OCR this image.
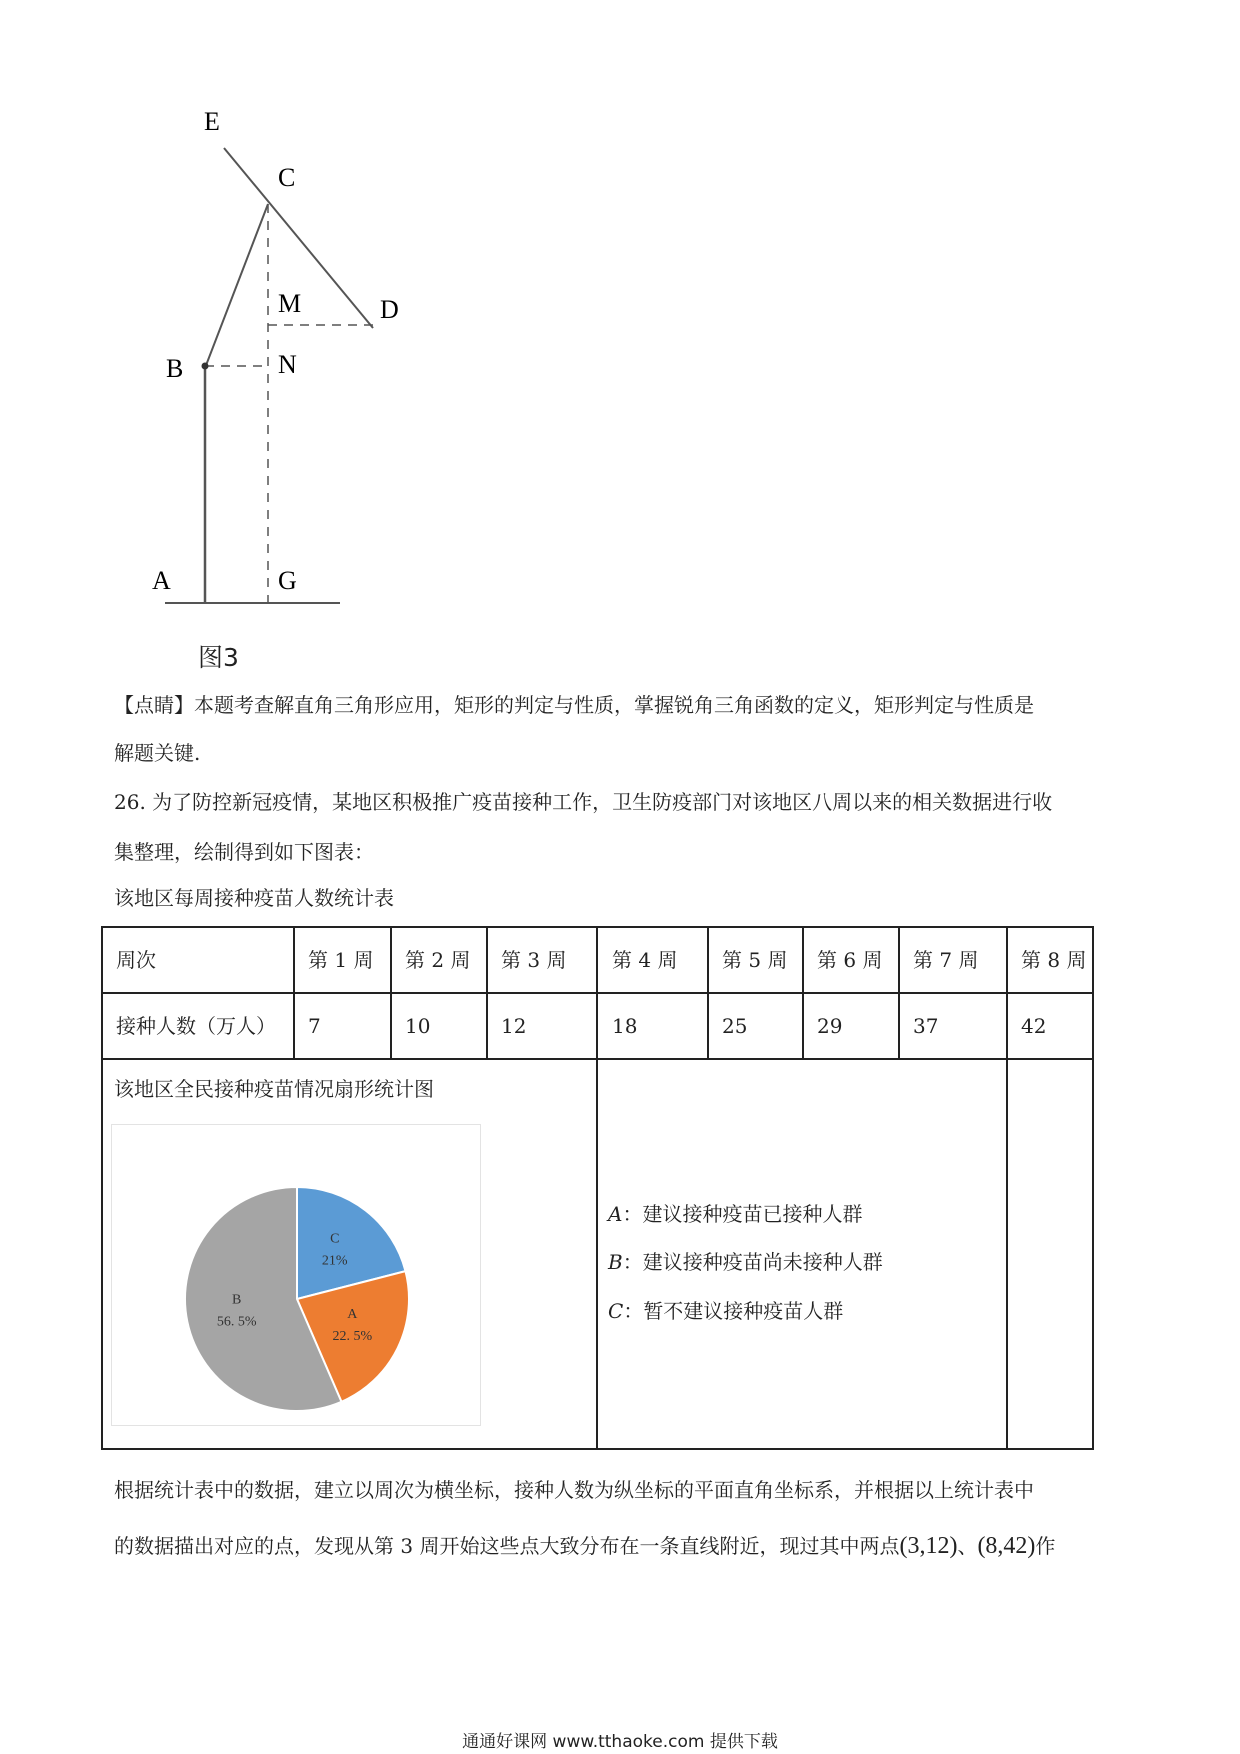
E
C
M	D
B	N
A	G
图3
【点睛】本题考查解直角三角形应用，矩形的判定与性质，掌握锐角三角函数的定义，矩形判定与性质是
解题关键.
26. 为了防控新冠疫情，某地区积极推广疫苗接种工作，卫生防疫部门对该地区八周以来的相关数据进行收
集整理，绘制得到如下图表：
该地区每周接种疫苗人数统计表
周次	第 1 周 第 2 周 第 3 周 第 4 周 第 5 周 第 6 周 第 7 周 第 8 周
接种人数（万人） 7	10	12	18	25	29	37	42
该地区全民接种疫苗情况扇形统计图
C
21%
A
22. 5%
B
56. 5%
A：建议接种疫苗已接种人群
B：建议接种疫苗尚未接种人群
C：暂不建议接种疫苗人群
根据统计表中的数据，建立以周次为横坐标，接种人数为纵坐标的平面直角坐标系，并根据以上统计表中
的数据描出对应的点，发现从第 3 周开始这些点大致分布在一条直线附近，现过其中两点(3,12)、(8,42)作
通通好课网 www.tthaoke.com 提供下载
